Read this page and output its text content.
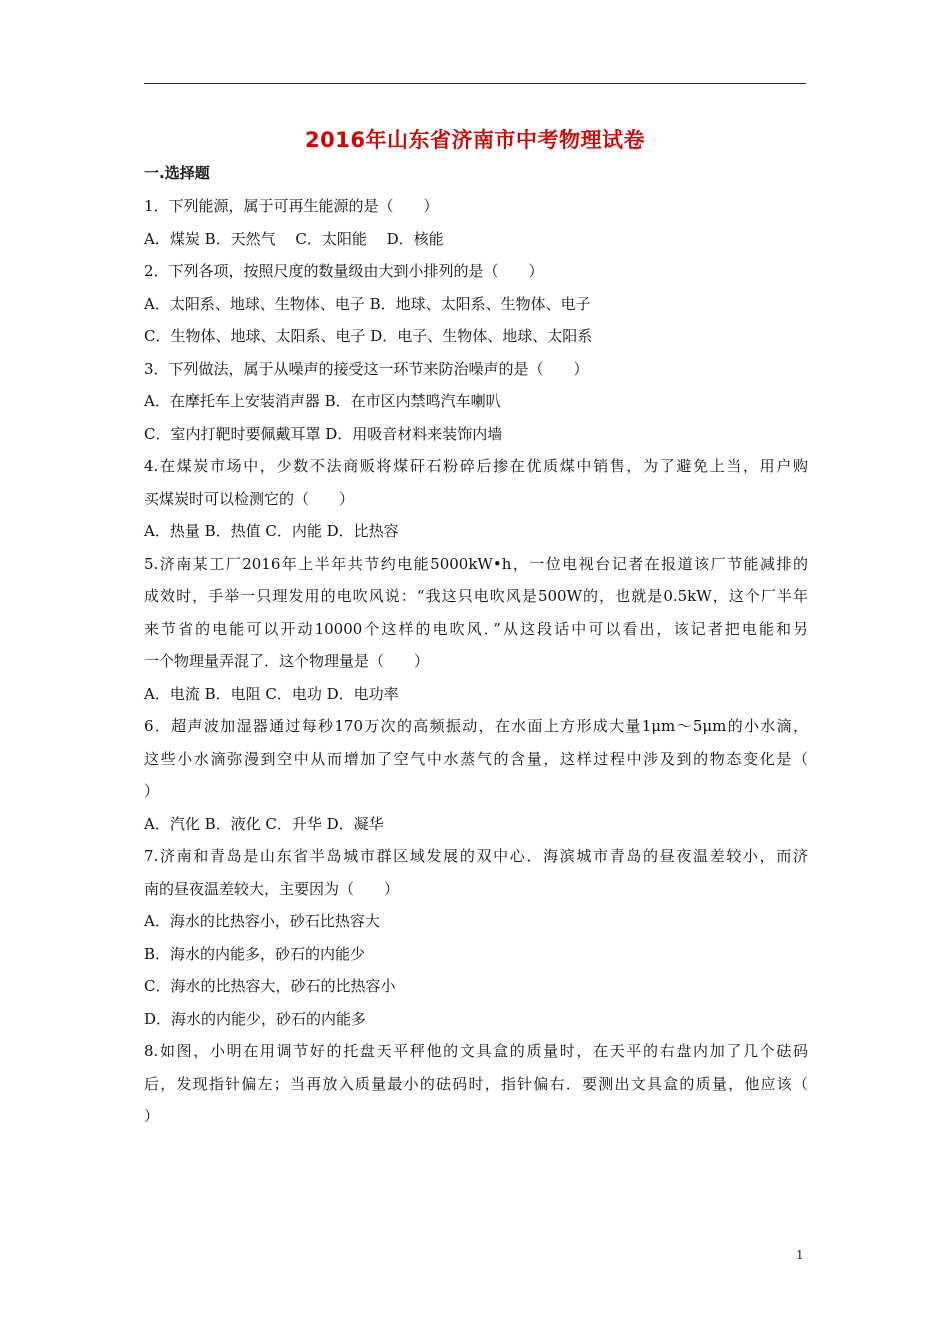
2016年山东省济南市中考物理试卷
一.选择题
1．下列能源，属于可再生能源的是（　　）
A．煤炭 B．天然气　 C．太阳能　 D．核能
2．下列各项，按照尺度的数量级由大到小排列的是（　　）
A．太阳系、地球、生物体、电子 B．地球、太阳系、生物体、电子
C．生物体、地球、太阳系、电子 D．电子、生物体、地球、太阳系
3．下列做法，属于从噪声的接受这一环节来防治噪声的是（　　）
A．在摩托车上安装消声器 B．在市区内禁鸣汽车喇叭
C．室内打靶时要佩戴耳罩 D．用吸音材料来装饰内墙
4.在煤炭市场中，少数不法商贩将煤矸石粉碎后掺在优质煤中销售，为了避免上当，用户购
买煤炭时可以检测它的（　　）
A．热量 B．热值 C．内能 D．比热容
5.济南某工厂2016年上半年共节约电能5000kW•h，一位电视台记者在报道该厂节能减排的
成效时，手举一只理发用的电吹风说：“我这只电吹风是500W的，也就是0.5kW，这个厂半年
来节省的电能可以开动10000个这样的电吹风．”从这段话中可以看出，该记者把电能和另
一个物理量弄混了．这个物理量是（　　）
A．电流 B．电阻 C．电功 D．电功率
6．超声波加湿器通过每秒170万次的高频振动，在水面上方形成大量1μm～5μm的小水滴，
这些小水滴弥漫到空中从而增加了空气中水蒸气的含量，这样过程中涉及到的物态变化是（
）
A．汽化 B．液化 C．升华 D．凝华
7.济南和青岛是山东省半岛城市群区域发展的双中心．海滨城市青岛的昼夜温差较小，而济
南的昼夜温差较大，主要因为（　　）
A．海水的比热容小，砂石比热容大
B．海水的内能多，砂石的内能少
C．海水的比热容大，砂石的比热容小
D．海水的内能少，砂石的内能多
8.如图，小明在用调节好的托盘天平秤他的文具盒的质量时，在天平的右盘内加了几个砝码
后，发现指针偏左；当再放入质量最小的砝码时，指针偏右．要测出文具盒的质量，他应该（
）
1
